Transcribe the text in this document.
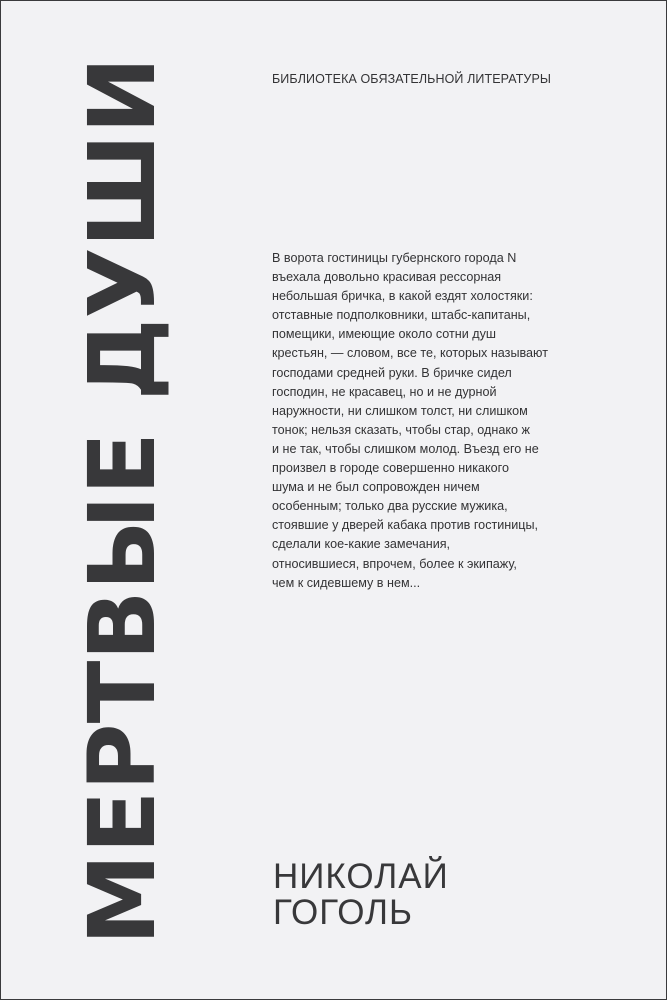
БИБЛИОТЕКА ОБЯЗАТЕЛЬНОЙ ЛИТЕРАТУРЫ
МЕРТВЫЕ ДУШИ	В ворота гостиницы губернского города N
въехала довольно красивая рессорная
небольшая бричка, в какой ездят холостяки:
отставные подполковники, штабс-капитаны,
помещики, имеющие около сотни душ
крестьян, — словом, все те, которых называют
господами средней руки. В бричке сидел
господин, не красавец, но и не дурной
наружности, ни слишком толст, ни слишком
тонок; нельзя сказать, чтобы стар, однако ж
и не так, чтобы слишком молод. Въезд его не
произвел в городе совершенно никакого
шума и не был сопровожден ничем
особенным; только два русские мужика,
стоявшие у дверей кабака против гостиницы,
сделали кое-какие замечания,
относившиеся, впрочем, более к экипажу,
чем к сидевшему в нем...

НИКОЛАЙ
ГОГОЛЬ
